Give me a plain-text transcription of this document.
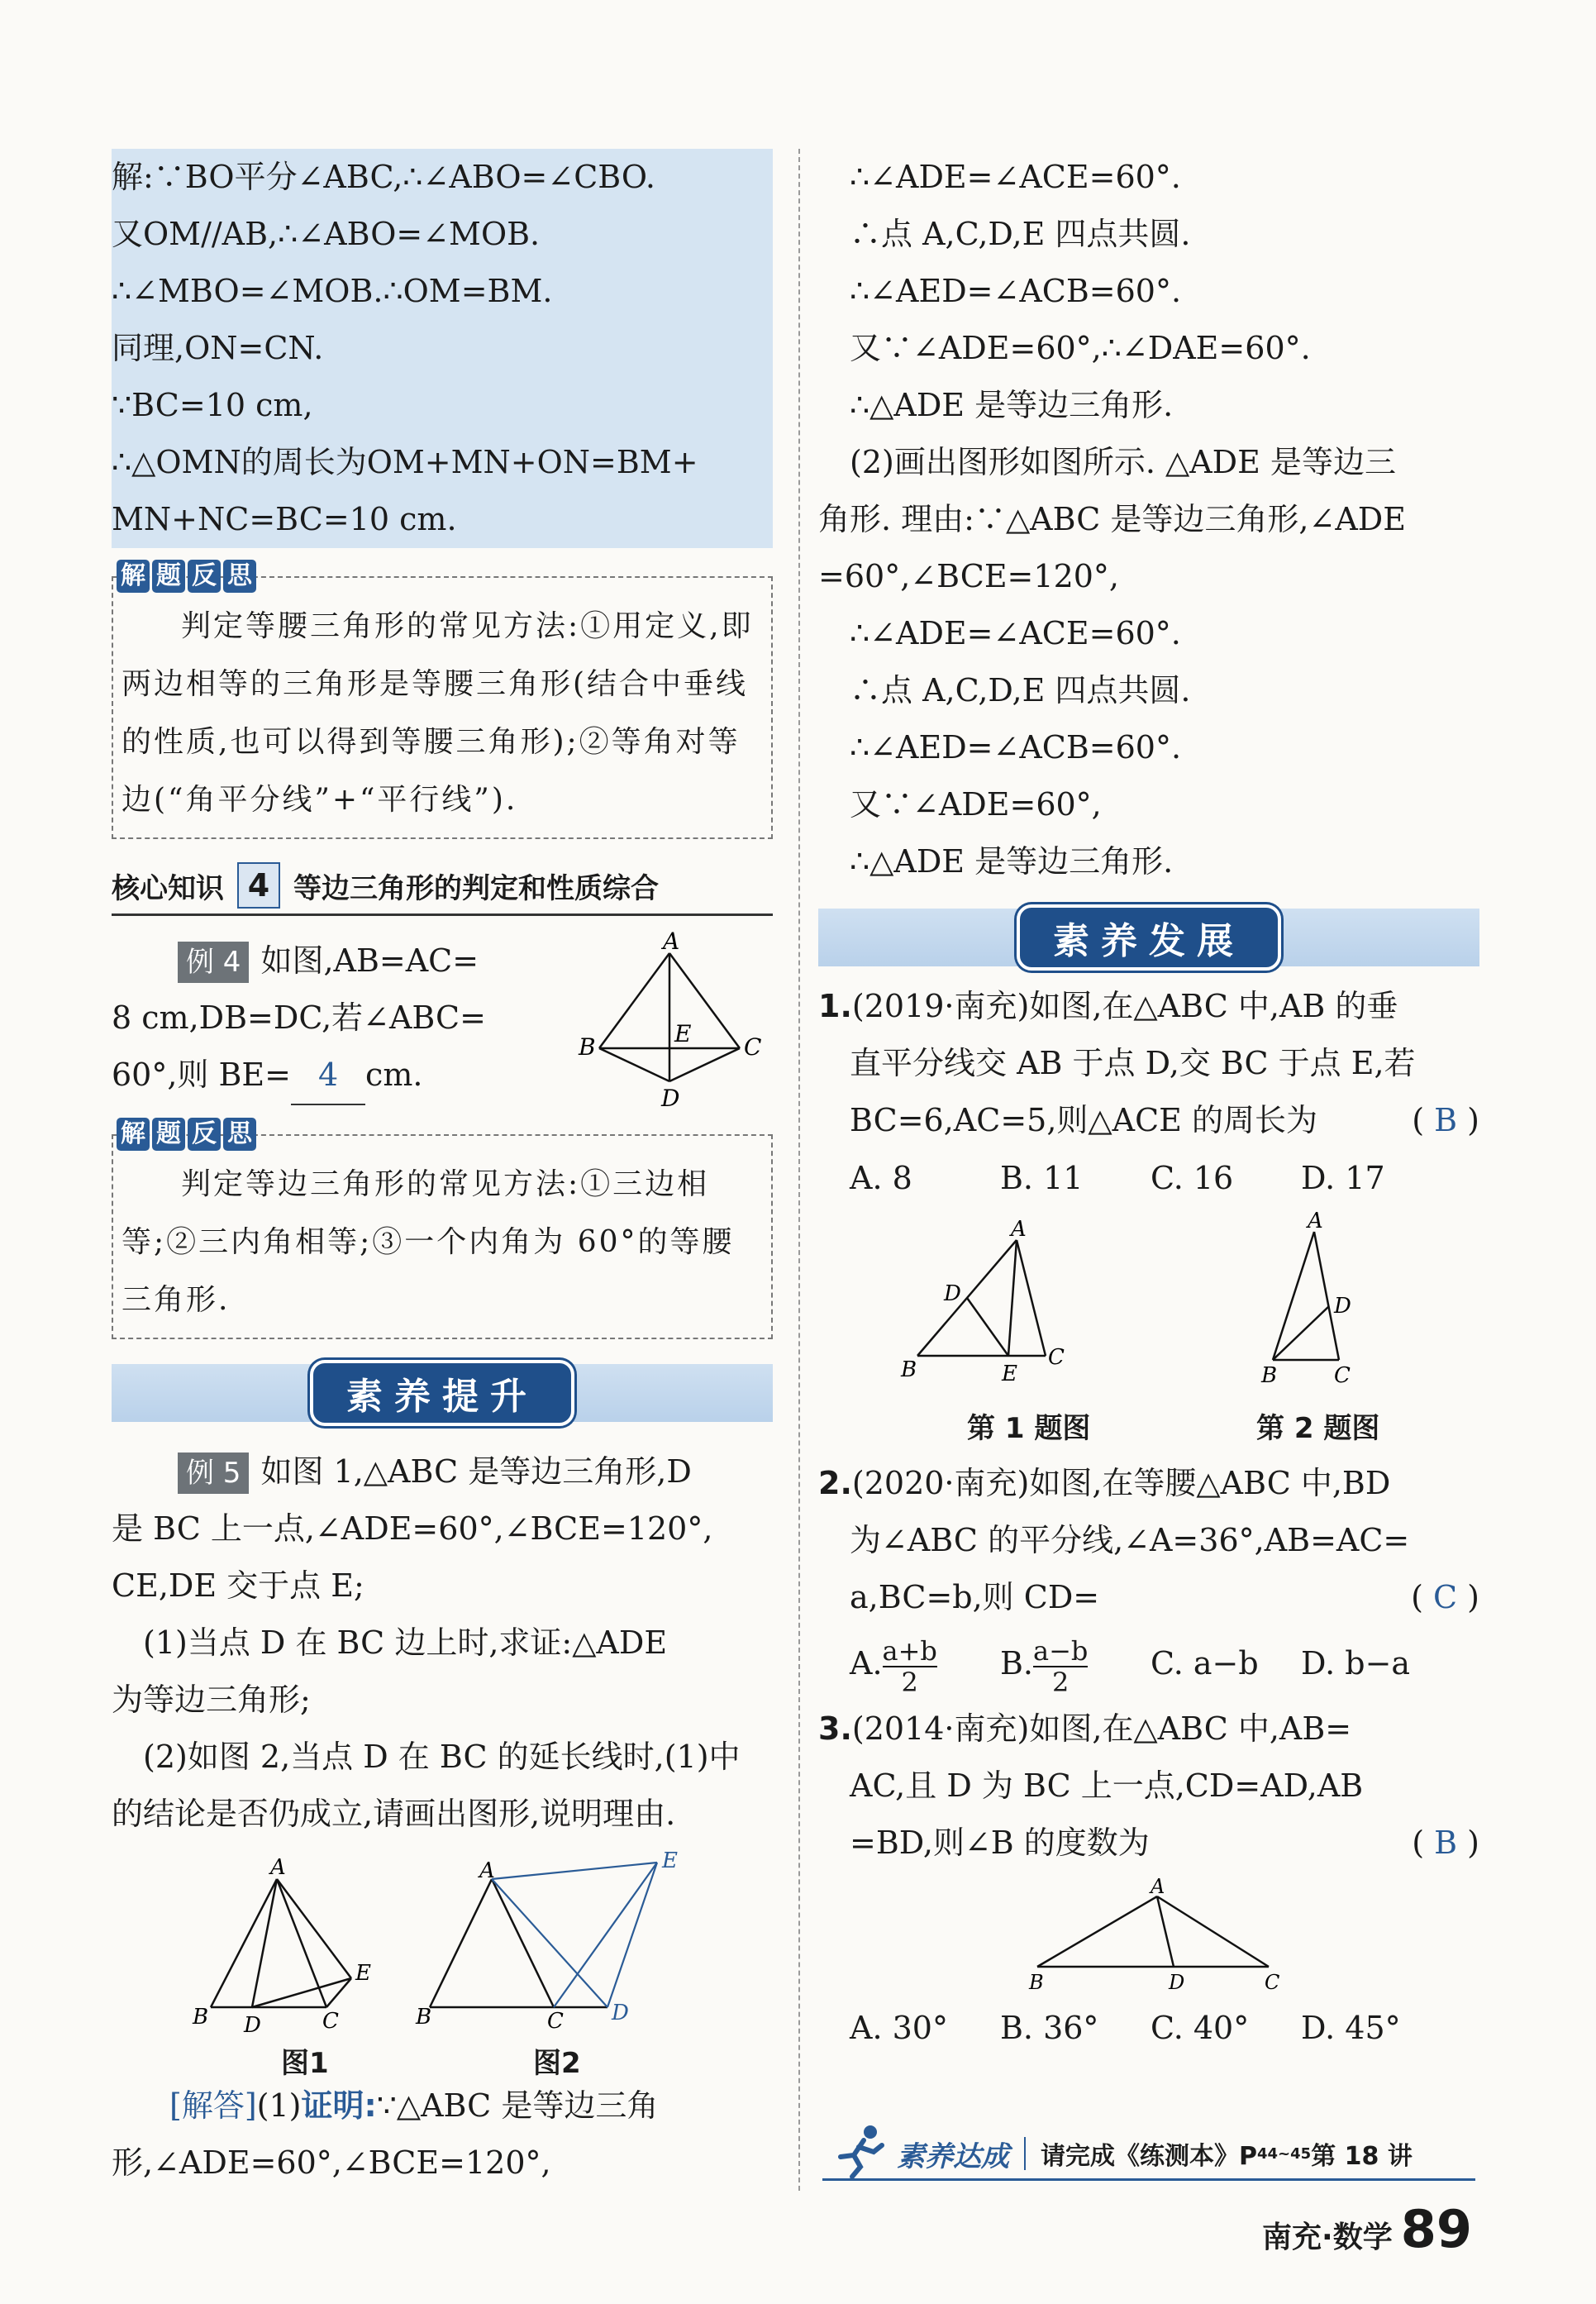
解:∵BO平分∠ABC,∴∠ABO=∠CBO.
又OM//AB,∴∠ABO=∠MOB.
∴∠MBO=∠MOB.∴OM=BM.
同理,ON=CN.
∵BC=10 cm,
∴△OMN的周长为OM+MN+ON=BM+
MN+NC=BC=10 cm.
解 题 反 思
判定等腰三角形的常见方法:①用定义,即两边相等的三角形是等腰三角形(结合中垂线的性质,也可以得到等腰三角形);②等角对等边(“角平分线”+“平行线”).
核心知识 4 等边三角形的判定和性质综合
例 4 如图,AB=AC=
8 cm,DB=DC,若∠ABC=
60°,则 BE= 4 cm.
A
B	C
D
E
解 题 反 思
判定等边三角形的常见方法:①三边相等;②三内角相等;③一个内角为 60°的等腰三角形.
素养提升
例 5 如图 1,△ABC 是等边三角形,D
是 BC 上一点,∠ADE=60°,∠BCE=120°,
CE,DE 交于点 E;
(1)当点 D 在 BC 边上时,求证:△ADE
为等边三角形;
(2)如图 2,当点 D 在 BC 的延长线时,(1)中
的结论是否仍成立,请画出图形,说明理由.
A
B	C
D
E
图1
A
B	C D
E
图2
[解答](1)证明:∵△ABC 是等边三角
形,∠ADE=60°,∠BCE=120°,
∴∠ADE=∠ACE=60°.
∴点 A,C,D,E 四点共圆.
∴∠AED=∠ACB=60°.
又∵∠ADE=60°,∴∠DAE=60°.
∴△ADE 是等边三角形.
(2)画出图形如图所示. △ADE 是等边三
角形. 理由:∵△ABC 是等边三角形,∠ADE
=60°,∠BCE=120°,
∴∠ADE=∠ACE=60°.
∴点 A,C,D,E 四点共圆.
∴∠AED=∠ACB=60°.
又∵∠ADE=60°,
∴△ADE 是等边三角形.
素养发展
1.(2019·南充)如图,在△ABC 中,AB 的垂
直平分线交 AB 于点 D,交 BC 于点 E,若
BC=6,AC=5,则△ACE 的周长为	( B )
A. 8	B. 11	C. 16	D. 17
A
B	C
D
E
第 1 题图
A
B	C
D
第 2 题图
2.(2020·南充)如图,在等腰△ABC 中,BD
为∠ABC 的平分线,∠A=36°,AB=AC=
a,BC=b,则 CD=	( C )
A. $\frac{a+b}{2} B$. $\frac{a-b}{2} C$. a−b	D. b−a
3.(2014·南充)如图,在△ABC 中,AB=
AC,且 D 为 BC 上一点,CD=AD,AB
=BD,则∠B 的度数为	( B )
A
B	D	C
A. 30°	B. 36°	C. 40°	D. 45°
素养达成 请完成《练测本》P 44~45 第 18 讲
南充·数学 89
